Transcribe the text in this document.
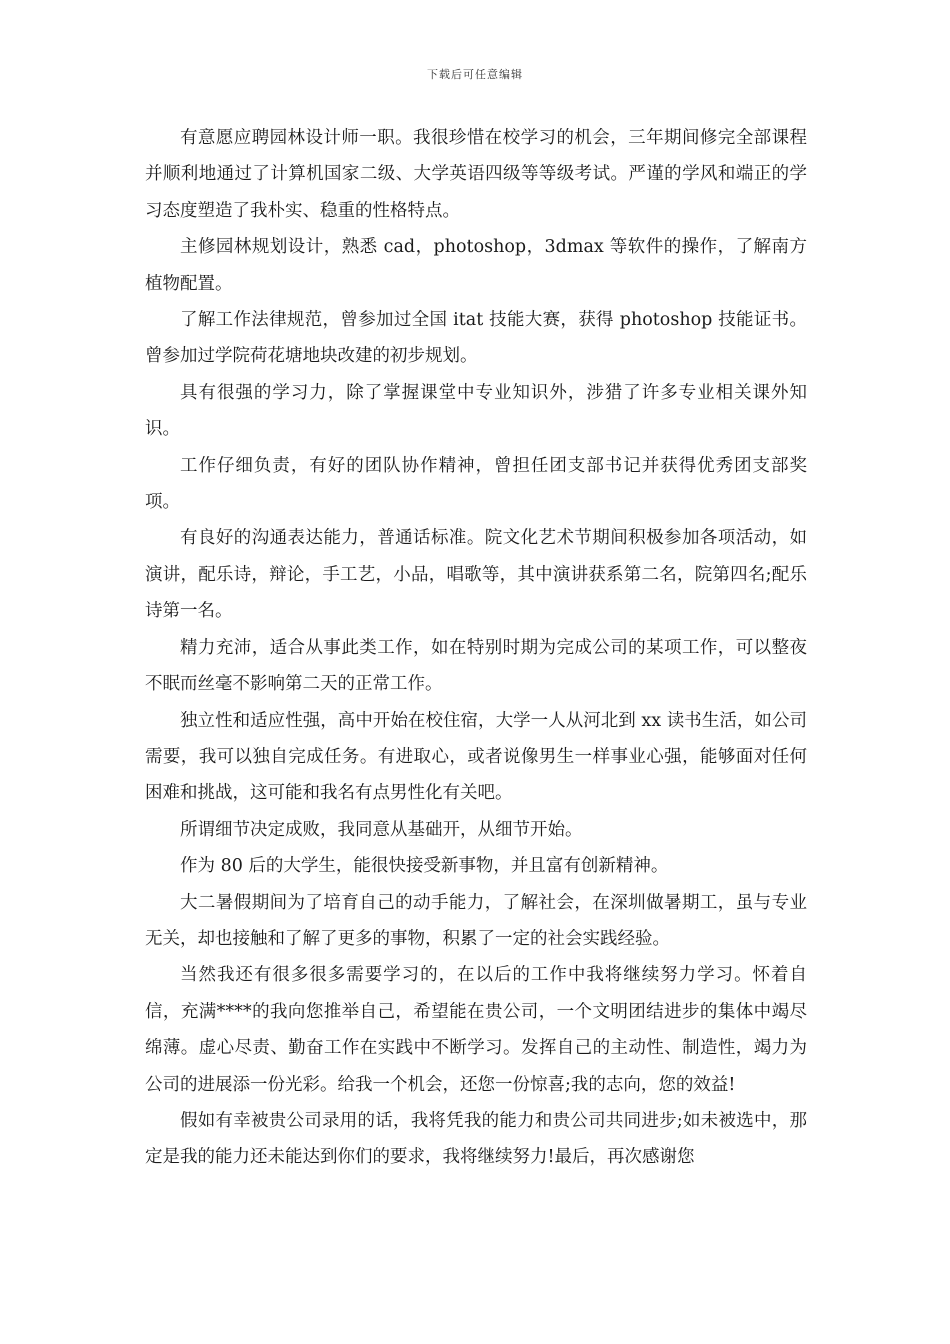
下载后可任意编辑

有意愿应聘园林设计师一职。我很珍惜在校学习的机会，三年期间修完全部课程并顺利地通过了计算机国家二级、大学英语四级等等级考试。严谨的学风和端正的学习态度塑造了我朴实、稳重的性格特点。

主修园林规划设计，熟悉 cad，photoshop，3dmax 等软件的操作，了解南方植物配置。

了解工作法律规范，曾参加过全国 itat 技能大赛，获得 photoshop 技能证书。曾参加过学院荷花塘地块改建的初步规划。

具有很强的学习力，除了掌握课堂中专业知识外，涉猎了许多专业相关课外知识。

工作仔细负责，有好的团队协作精神，曾担任团支部书记并获得优秀团支部奖项。

有良好的沟通表达能力，普通话标准。院文化艺术节期间积极参加各项活动，如演讲，配乐诗，辩论，手工艺，小品，唱歌等，其中演讲获系第二名，院第四名;配乐诗第一名。

精力充沛，适合从事此类工作，如在特别时期为完成公司的某项工作，可以整夜不眠而丝毫不影响第二天的正常工作。

独立性和适应性强，高中开始在校住宿，大学一人从河北到 xx 读书生活，如公司需要，我可以独自完成任务。有进取心，或者说像男生一样事业心强，能够面对任何困难和挑战，这可能和我名有点男性化有关吧。

所谓细节决定成败，我同意从基础开，从细节开始。

作为 80 后的大学生，能很快接受新事物，并且富有创新精神。

大二暑假期间为了培育自己的动手能力，了解社会，在深圳做暑期工，虽与专业无关，却也接触和了解了更多的事物，积累了一定的社会实践经验。

当然我还有很多很多需要学习的，在以后的工作中我将继续努力学习。怀着自信，充满****的我向您推举自己，希望能在贵公司，一个文明团结进步的集体中竭尽绵薄。虚心尽责、勤奋工作在实践中不断学习。发挥自己的主动性、制造性，竭力为公司的进展添一份光彩。给我一个机会，还您一份惊喜;我的志向，您的效益!

假如有幸被贵公司录用的话，我将凭我的能力和贵公司共同进步;如未被选中，那定是我的能力还未能达到你们的要求，我将继续努力!最后，再次感谢您
